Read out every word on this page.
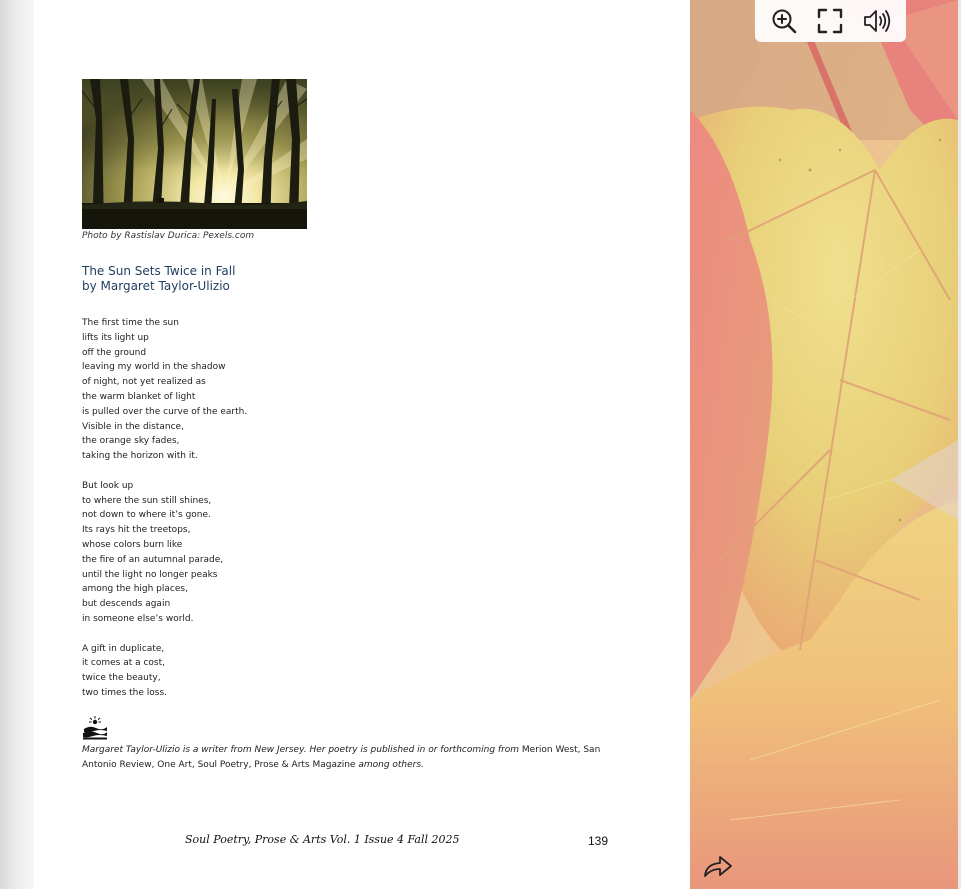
Photo by Rastislav Durica: Pexels.com
The Sun Sets Twice in Fall
by Margaret Taylor-Ulizio
The first time the sun
lifts its light up
off the ground
leaving my world in the shadow
of night, not yet realized as
the warm blanket of light
is pulled over the curve of the earth.
Visible in the distance,
the orange sky fades,
taking the horizon with it.
But look up
to where the sun still shines,
not down to where it’s gone.
Its rays hit the treetops,
whose colors burn like
the fire of an autumnal parade,
until the light no longer peaks
among the high places,
but descends again
in someone else’s world.
A gift in duplicate,
it comes at a cost,
twice the beauty,
two times the loss.
Margaret Taylor-Ulizio is a writer from New Jersey. Her poetry is published in or forthcoming from Merion West, San Antonio Review, One Art, Soul Poetry, Prose & Arts Magazine among others.
Soul Poetry, Prose & Arts Vol. 1 Issue 4 Fall 2025	139
